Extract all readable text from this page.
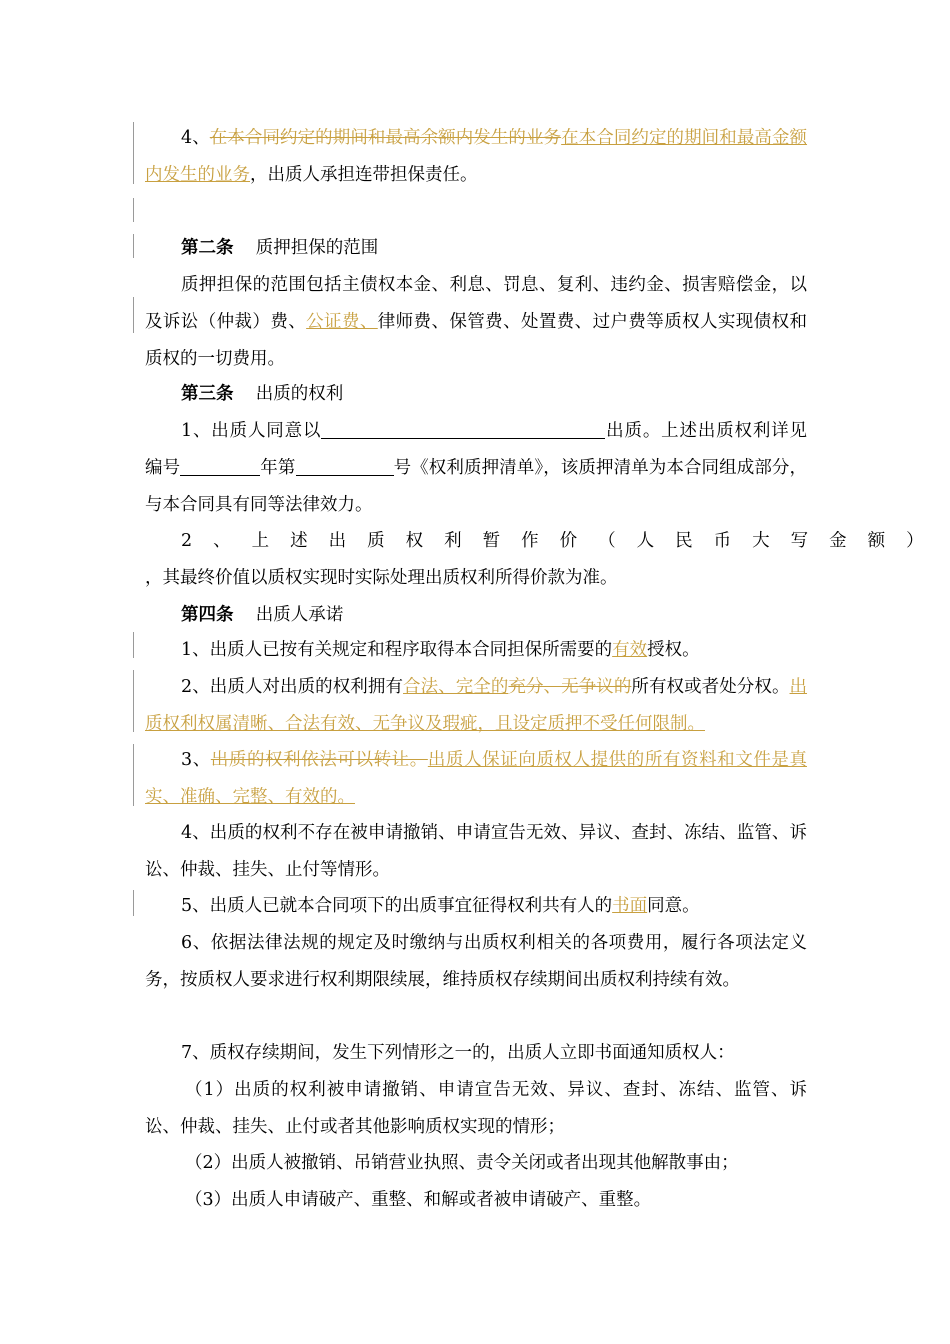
4、在本合同约定的期间和最高余额内发生的业务在本合同约定的期间和最高金额内发生的业务，出质人承担连带担保责任。

第二条 质押担保的范围

质押担保的范围包括主债权本金、利息、罚息、复利、违约金、损害赔偿金，以及诉讼（仲裁）费、公证费、律师费、保管费、处置费、过户费等质权人实现债权和质权的一切费用。

第三条 出质的权利

1、出质人同意以	出质。上述出质权利详见编号	年第	号《权利质押清单》，该质押清单为本合同组成部分，与本合同具有同等法律效力。

2、上述出质权利暂作价（人民币大写金额）

，其最终价值以质权实现时实际处理出质权利所得价款为准。

第四条 出质人承诺

1、出质人已按有关规定和程序取得本合同担保所需要的有效授权。

2、出质人对出质的权利拥有合法、完全的充分、无争议的所有权或者处分权。出质权利权属清晰、合法有效、无争议及瑕疵，且设定质押不受任何限制。

3、出质的权利依法可以转让。出质人保证向质权人提供的所有资料和文件是真实、准确、完整、有效的。

4、出质的权利不存在被申请撤销、申请宣告无效、异议、查封、冻结、监管、诉讼、仲裁、挂失、止付等情形。

5、出质人已就本合同项下的出质事宜征得权利共有人的书面同意。

6、依据法律法规的规定及时缴纳与出质权利相关的各项费用，履行各项法定义务，按质权人要求进行权利期限续展，维持质权存续期间出质权利持续有效。

7、质权存续期间，发生下列情形之一的，出质人立即书面通知质权人：

（1）出质的权利被申请撤销、申请宣告无效、异议、查封、冻结、监管、诉讼、仲裁、挂失、止付或者其他影响质权实现的情形；

（2）出质人被撤销、吊销营业执照、责令关闭或者出现其他解散事由；

（3）出质人申请破产、重整、和解或者被申请破产、重整。
